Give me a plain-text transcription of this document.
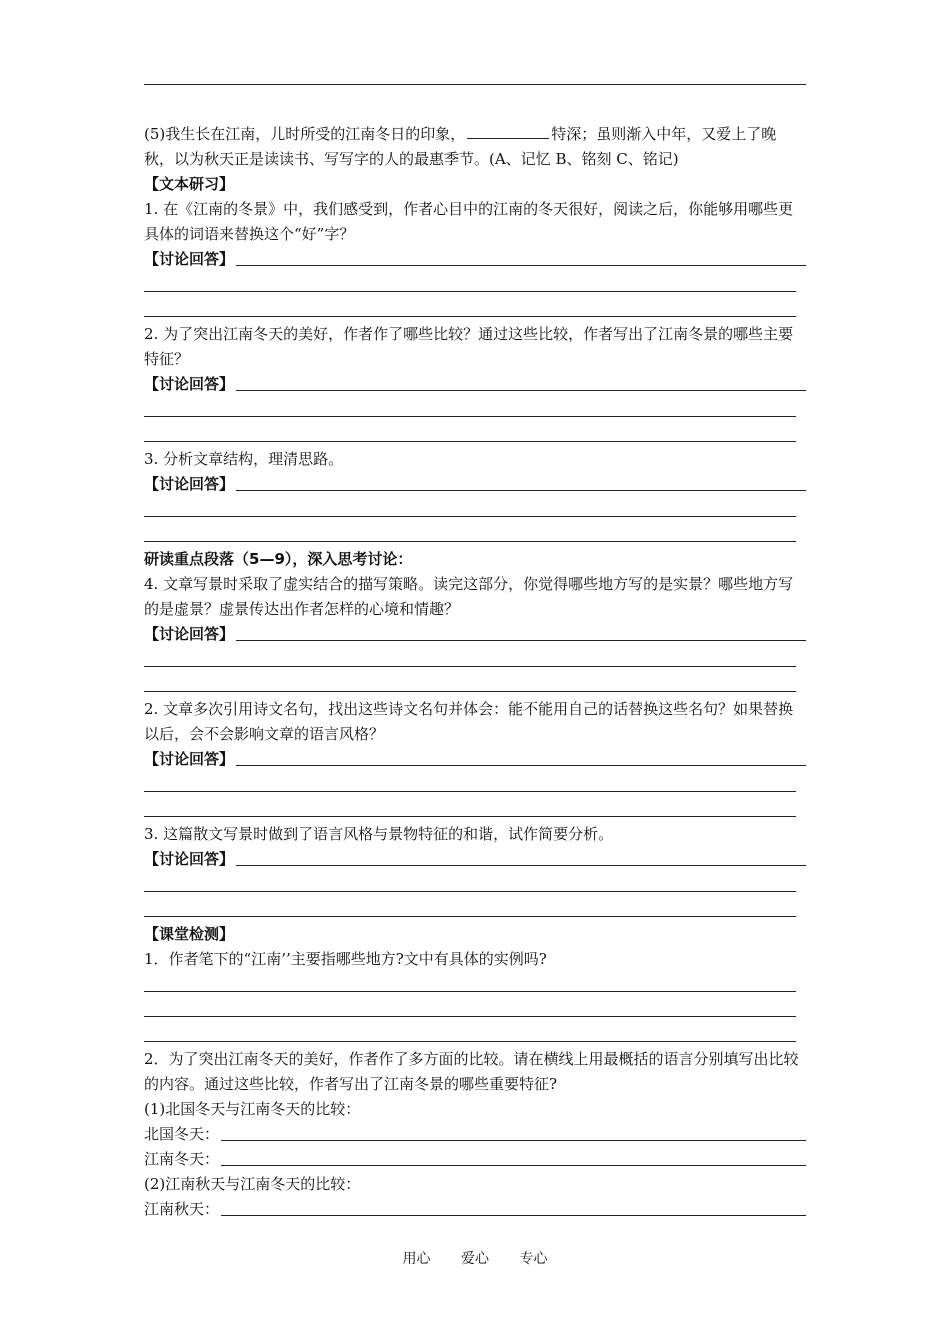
(5)我生长在江南，儿时所受的江南冬日的印象，	特深；虽则渐入中年，又爱上了晚秋，以为秋天正是读读书、写写字的人的最惠季节。(A、记忆 B、铭刻 C、铭记)

【文本研习】

1. 在《江南的冬景》中，我们感受到，作者心目中的江南的冬天很好，阅读之后，你能够用哪些更具体的词语来替换这个“好”字？

【讨论回答】

2. 为了突出江南冬天的美好，作者作了哪些比较？通过这些比较，作者写出了江南冬景的哪些主要特征？

【讨论回答】

3. 分析文章结构，理清思路。

【讨论回答】

研读重点段落（5—9），深入思考讨论：

4. 文章写景时采取了虚实结合的描写策略。读完这部分，你觉得哪些地方写的是实景？哪些地方写的是虚景？虚景传达出作者怎样的心境和情趣？

【讨论回答】

2. 文章多次引用诗文名句，找出这些诗文名句并体会：能不能用自己的话替换这些名句？如果替换以后，会不会影响文章的语言风格？

【讨论回答】

3. 这篇散文写景时做到了语言风格与景物特征的和谐，试作简要分析。

【讨论回答】

【课堂检测】

1．作者笔下的“江南’’主要指哪些地方?文中有具体的实例吗?

2．为了突出江南冬天的美好，作者作了多方面的比较。请在横线上用最概括的语言分别填写出比较的内容。通过这些比较，作者写出了江南冬景的哪些重要特征?

(1)北国冬天与江南冬天的比较：

北国冬天：
江南冬天：

(2)江南秋天与江南冬天的比较：

江南秋天：
用心 爱心 专心
